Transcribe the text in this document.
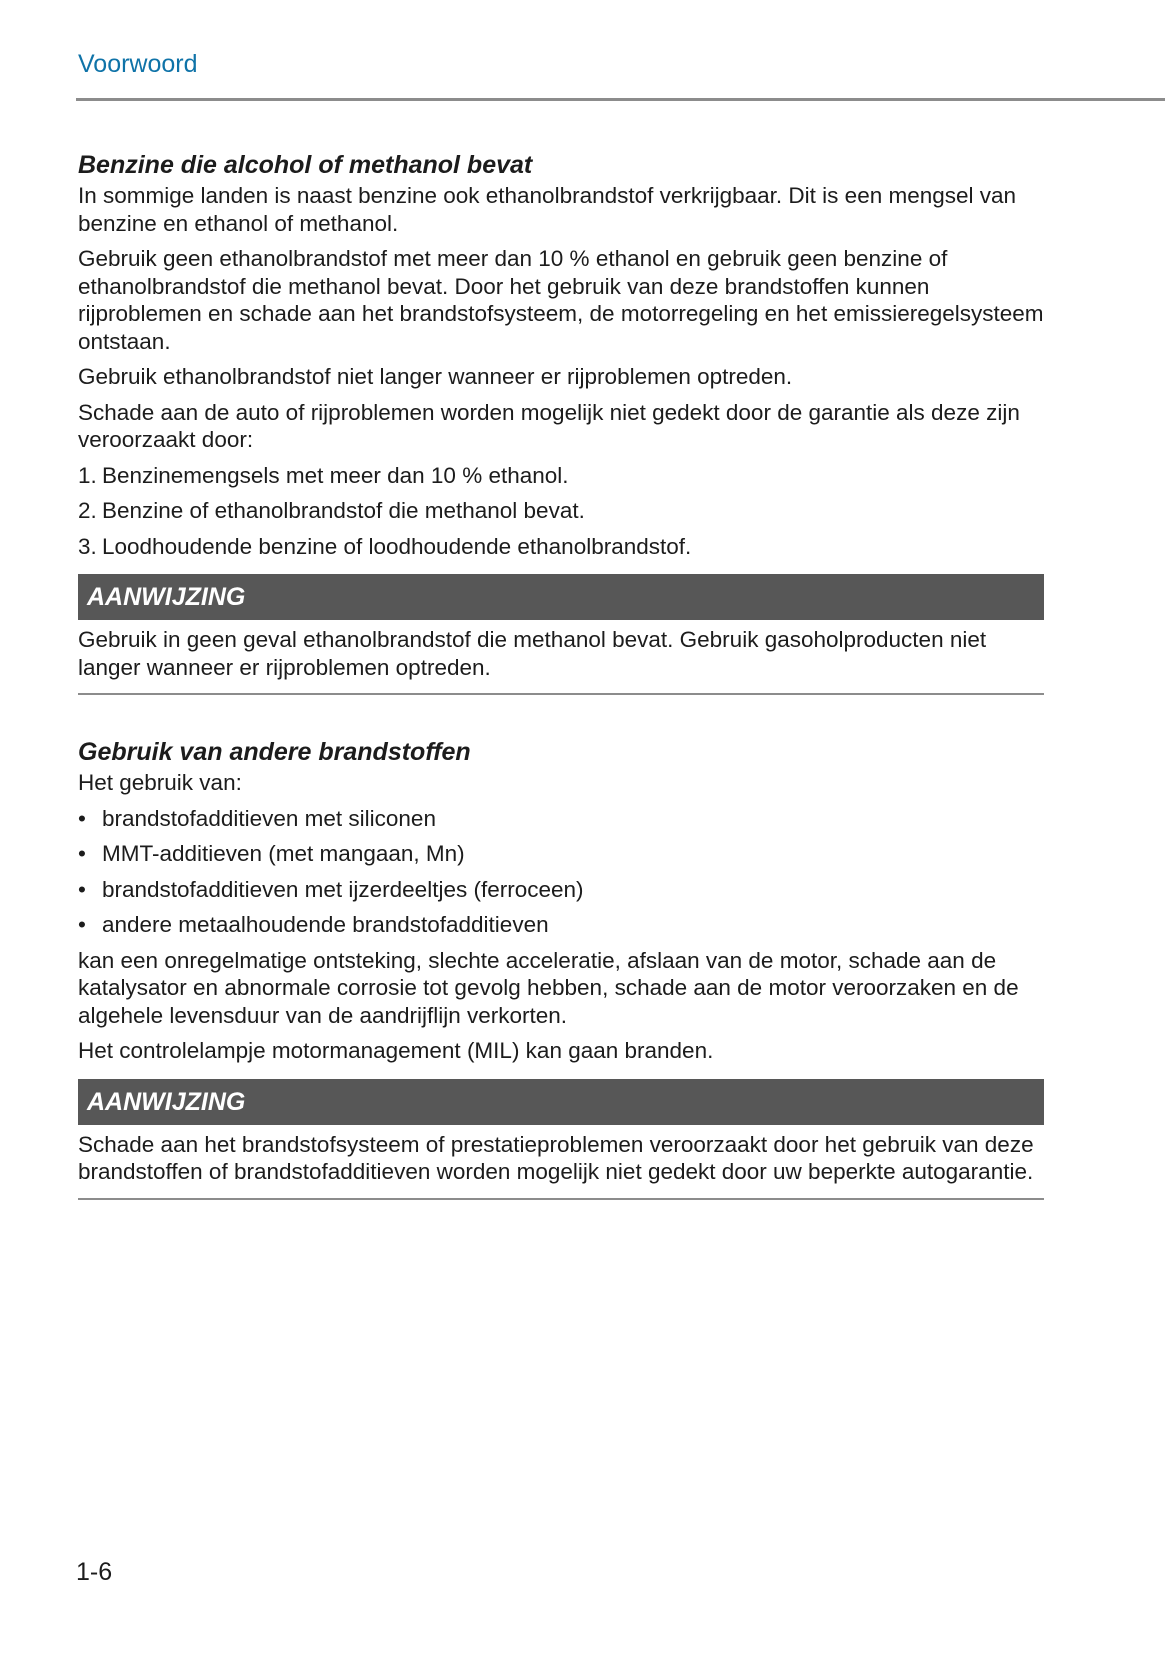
Voorwoord
Benzine die alcohol of methanol bevat

In sommige landen is naast benzine ook ethanolbrandstof verkrijgbaar. Dit is een mengsel van benzine en ethanol of methanol.

Gebruik geen ethanolbrandstof met meer dan 10 % ethanol en gebruik geen benzine of ethanolbrandstof die methanol bevat. Door het gebruik van deze brandstoffen kunnen rijproblemen en schade aan het brandstofsysteem, de motorregeling en het emissieregelsysteem ontstaan.

Gebruik ethanolbrandstof niet langer wanneer er rijproblemen optreden.

Schade aan de auto of rijproblemen worden mogelijk niet gedekt door de garantie als deze zijn veroorzaakt door:

1. Benzinemengsels met meer dan 10 % ethanol.
2. Benzine of ethanolbrandstof die methanol bevat.
3. Loodhoudende benzine of loodhoudende ethanolbrandstof.
AANWIJZING
Gebruik in geen geval ethanolbrandstof die methanol bevat. Gebruik gasoholproducten niet langer wanneer er rijproblemen optreden.
Gebruik van andere brandstoffen

Het gebruik van:

• brandstofadditieven met siliconen
• MMT-additieven (met mangaan, Mn)
• brandstofadditieven met ijzerdeeltjes (ferroceen)
• andere metaalhoudende brandstofadditieven

kan een onregelmatige ontsteking, slechte acceleratie, afslaan van de motor, schade aan de katalysator en abnormale corrosie tot gevolg hebben, schade aan de motor veroorzaken en de algehele levensduur van de aandrijflijn verkorten.

Het controlelampje motormanagement (MIL) kan gaan branden.

AANWIJZING
Schade aan het brandstofsysteem of prestatieproblemen veroorzaakt door het gebruik van deze brandstoffen of brandstofadditieven worden mogelijk niet gedekt door uw beperkte autogarantie.
1-6
